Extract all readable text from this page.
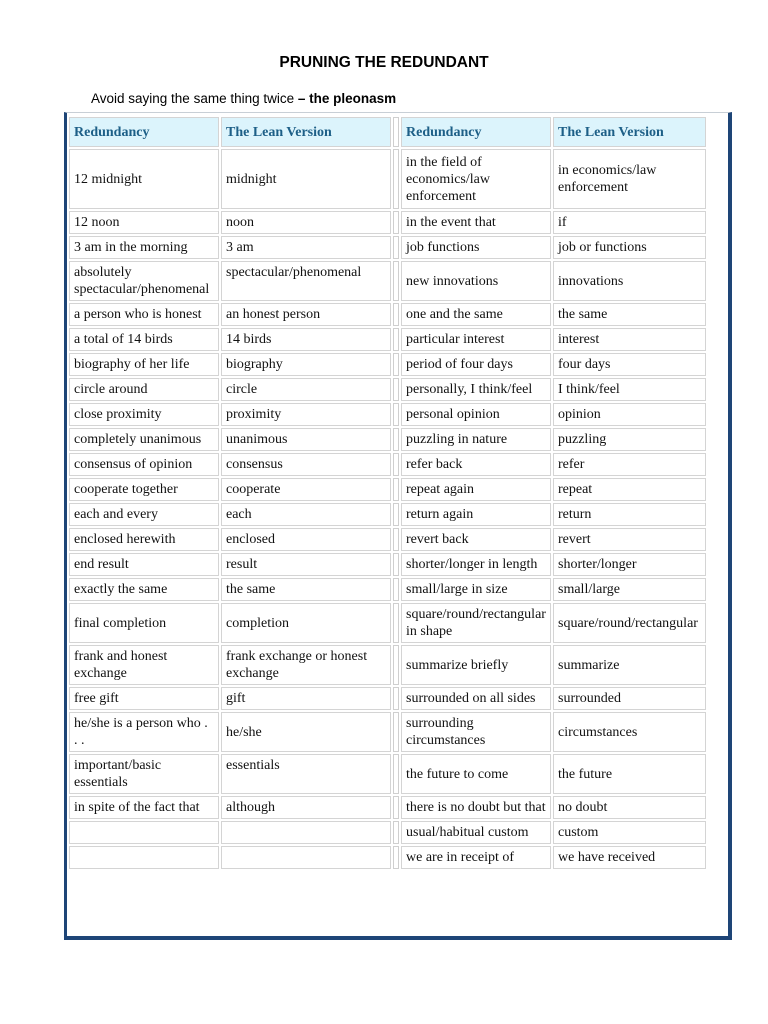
PRUNING THE REDUNDANT
Avoid saying the same thing twice – the pleonasm
Redundancy	The Lean Version		Redundancy	The Lean Version
12 midnight	midnight		in the field of economics/law enforcement	in economics/law enforcement
12 noon	noon		in the event that	if
3 am in the morning	3 am		job functions	job or functions
absolutely spectacular/phenomenal	spectacular/phenomenal		new innovations	innovations
a person who is honest	an honest person		one and the same	the same
a total of 14 birds	14 birds		particular interest	interest
biography of her life	biography		period of four days	four days
circle around	circle		personally, I think/feel	I think/feel
close proximity	proximity		personal opinion	opinion
completely unanimous	unanimous		puzzling in nature	puzzling
consensus of opinion	consensus		refer back	refer
cooperate together	cooperate		repeat again	repeat
each and every	each		return again	return
enclosed herewith	enclosed		revert back	revert
end result	result		shorter/longer in length	shorter/longer
exactly the same	the same		small/large in size	small/large
final completion	completion		square/round/rectangular in shape	square/round/rectangular
frank and honest exchange	frank exchange or honest exchange		summarize briefly	summarize
free gift	gift		surrounded on all sides	surrounded
he/she is a person who . . .	he/she		surrounding circumstances	circumstances
important/basic essentials	essentials		the future to come	the future
in spite of the fact that	although		there is no doubt but that	no doubt
			usual/habitual custom	custom
			we are in receipt of	we have received
